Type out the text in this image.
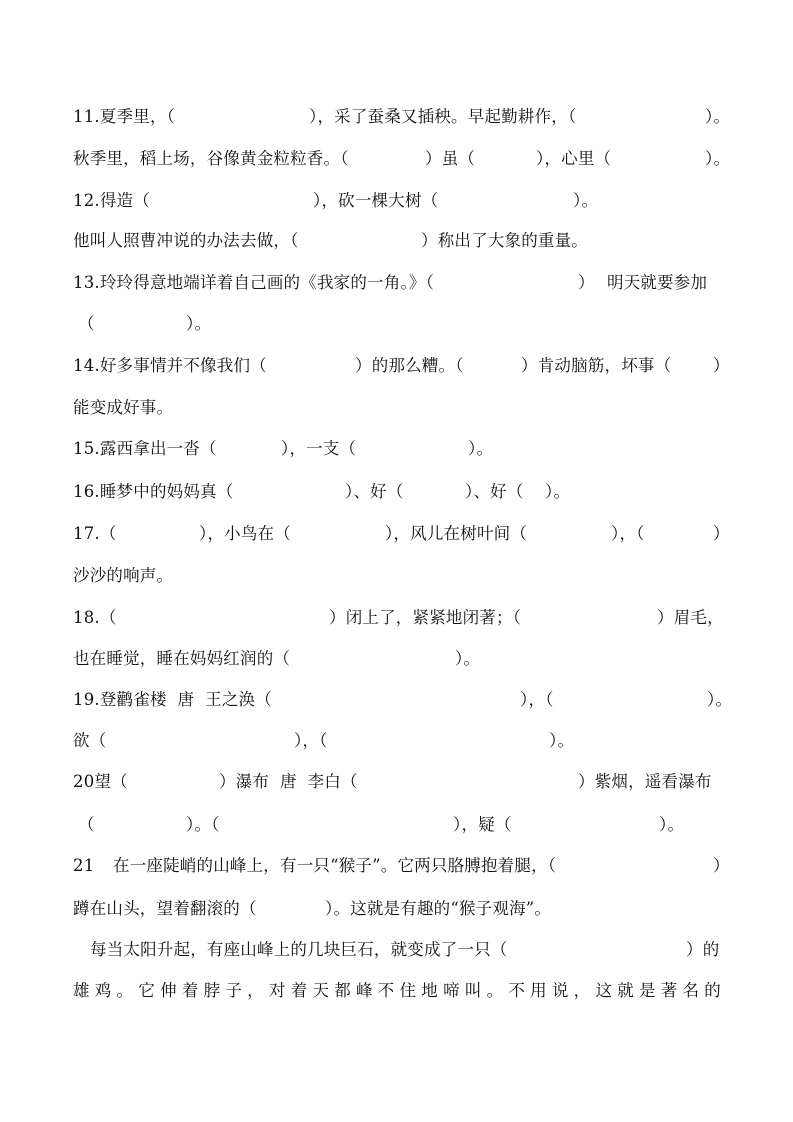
11.夏季里，（

	），采了蚕桑又插秧。早起勤耕作，（

	）。

秋季里，稻上场，谷像黄金粒粒香。（

	）虽（

	），心里（

	）。

12.得造（

	），砍一棵大树（

	）。

他叫人照曹冲说的办法去做，（

	）称出了大象的重量。

13.玲玲得意地端详着自己画的《我家的一角。》（

	）

明天就要参加

（

	）。

14.好多事情并不像我们（

	）的那么糟。（

	）肯动脑筋，坏事（

	）

能变成好事。

15.露西拿出一沓（

	），一支（

	）。

16.睡梦中的妈妈真（

	）、好（

	）、好（

）。

17.（

	），小鸟在（

	），风儿在树叶间（

	），（

	）

沙沙的响声。

18.（

	）闭上了，紧紧地闭著；（

	）眉毛，

也在睡觉，睡在妈妈红润的（

	）。

19.登鹳雀楼  唐  王之涣（

	），（

	）。

欲（

	），（

	）。

20望（

	）瀑布  唐  李白（

	）紫烟，遥看瀑布

（

	）。（

	），疑（

	）。

21

在一座陡峭的山峰上，有一只“猴子”。它两只胳膊抱着腿，（

	）

蹲在山头，望着翻滚的（

	）。这就是有趣的“猴子观海”。

每当太阳升起，有座山峰上的几块巨石，就变成了一只（

	）的

雄鸡。它伸着脖子，对着天都峰不住地啼叫。不用说，这就是著名的
